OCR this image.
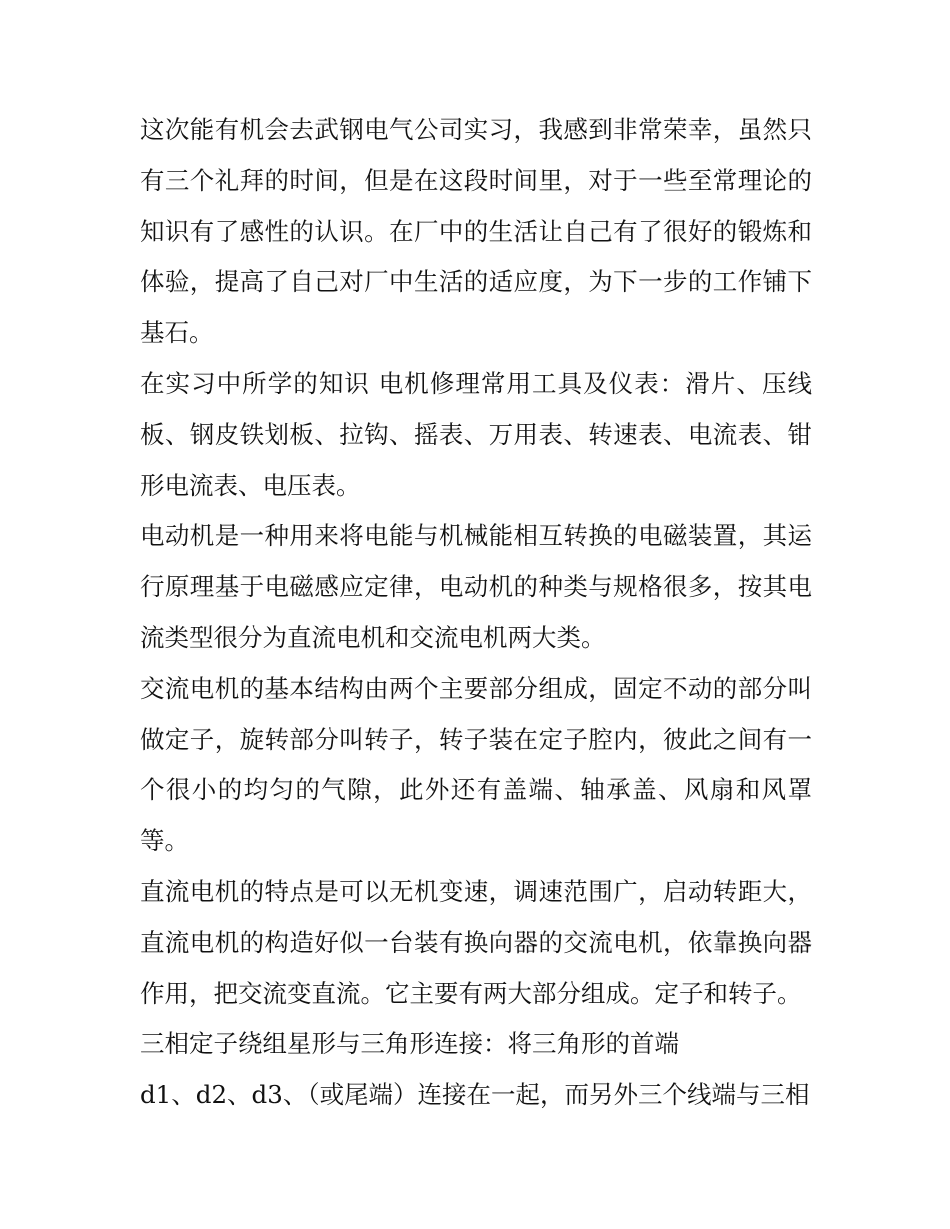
这次能有机会去武钢电气公司实习，我感到非常荣幸，虽然只有三个礼拜的时间，但是在这段时间里，对于一些至常理论的知识有了感性的认识。在厂中的生活让自己有了很好的锻炼和体验，提高了自己对厂中生活的适应度，为下一步的工作铺下基石。

在实习中所学的知识 电机修理常用工具及仪表：滑片、压线板、钢皮铁划板、拉钩、摇表、万用表、转速表、电流表、钳形电流表、电压表。

电动机是一种用来将电能与机械能相互转换的电磁装置，其运行原理基于电磁感应定律，电动机的种类与规格很多，按其电流类型很分为直流电机和交流电机两大类。

交流电机的基本结构由两个主要部分组成，固定不动的部分叫做定子，旋转部分叫转子，转子装在定子腔内，彼此之间有一个很小的均匀的气隙，此外还有盖端、轴承盖、风扇和风罩等。

直流电机的特点是可以无机变速，调速范围广，启动转距大，直流电机的构造好似一台装有换向器的交流电机，依靠换向器作用，把交流变直流。它主要有两大部分组成。定子和转子。

三相定子绕组星形与三角形连接：将三角形的首端

d1、d2、d3、（或尾端）连接在一起，而另外三个线端与三相
